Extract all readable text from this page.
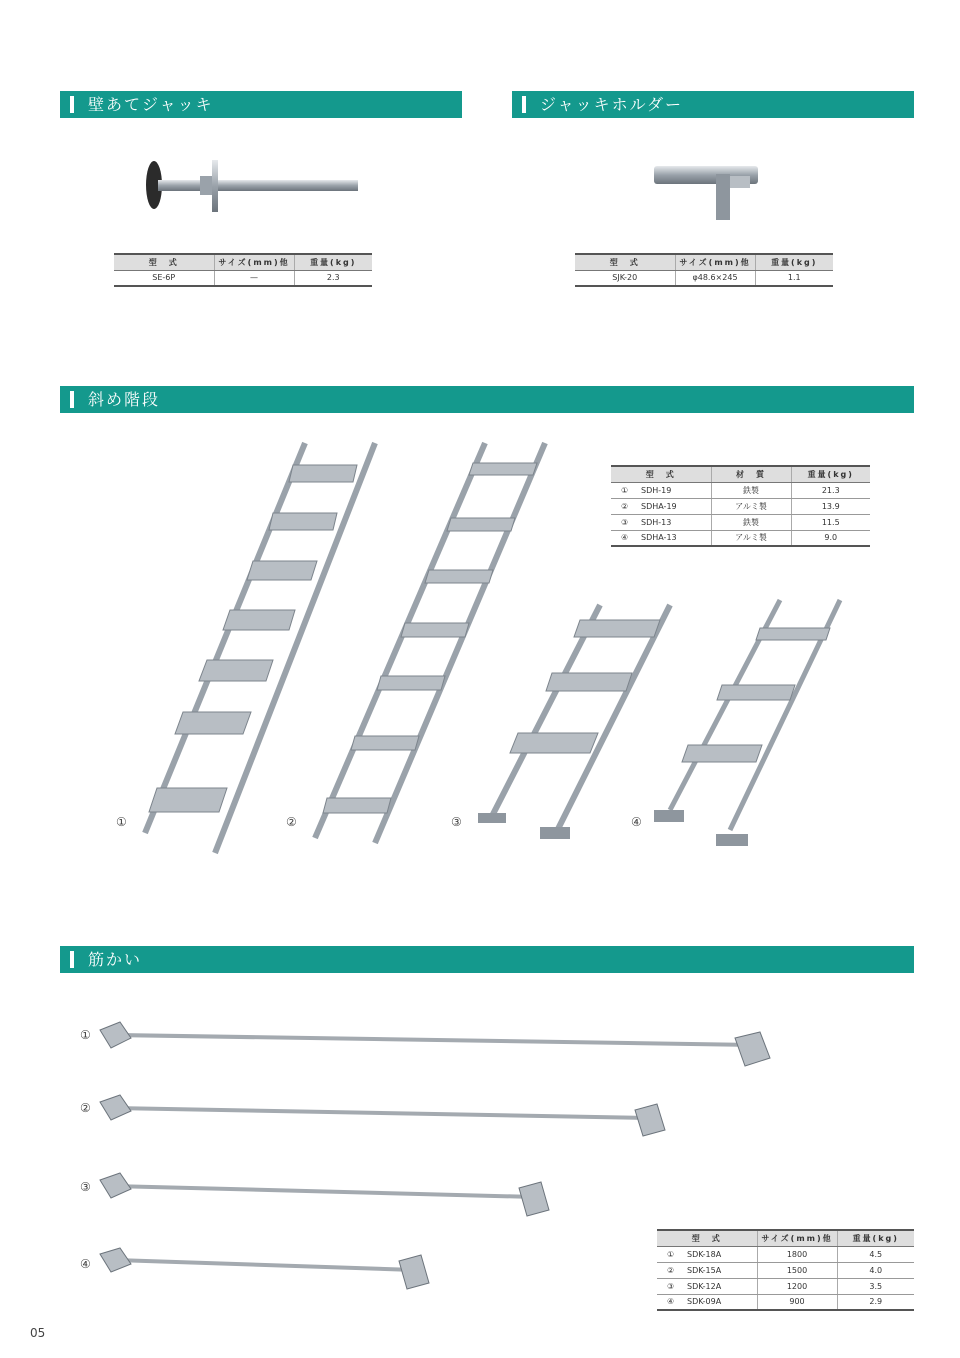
壁あてジャッキ	ジャッキホルダー
斜め階段
筋かい
型　式	サイズ(mm)他	重量(kg)
SE-6P	—	2.3
型　式	サイズ(mm)他	重量(kg)
SJK-20	φ48.6×245	1.1
型　式	材　質	重量(kg)
① SDH-19	鉄製	21.3
② SDHA-19	アルミ製	13.9
③ SDH-13	鉄製	11.5
④ SDHA-13	アルミ製	9.0
①	②	③	④
①
②
③
④
型　式	サイズ(mm)他	重量(kg)
① SDK-18A	1800	4.5
② SDK-15A	1500	4.0
③ SDK-12A	1200	3.5
④ SDK-09A	900	2.9
05
